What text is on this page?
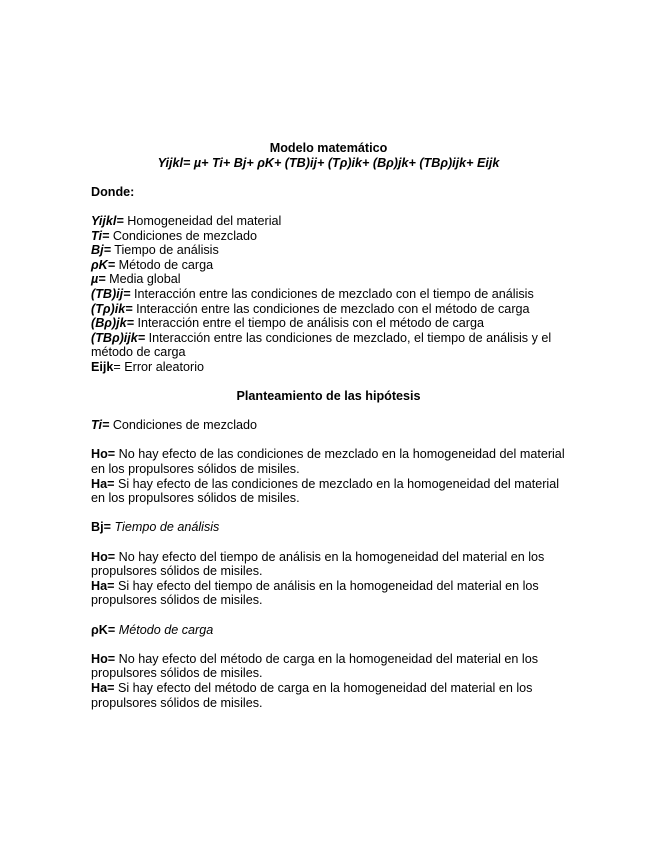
Modelo matemático
Yijkl= µ+ Ti+ Bj+ ρK+ (TB)ij+ (Tρ)ik+ (Bρ)jk+ (TBρ)ijk+ Eijk
Donde:
Yijkl= Homogeneidad del material
Ti= Condiciones de mezclado
Bj= Tiempo de análisis
ρK= Método de carga
µ= Media global
(TB)ij= Interacción entre las condiciones de mezclado con el tiempo de análisis
(Tρ)ik= Interacción entre las condiciones de mezclado con el método de carga
(Bρ)jk= Interacción entre el tiempo de análisis con el método de carga
(TBρ)ijk= Interacción entre las condiciones de mezclado, el tiempo de análisis y el método de carga
Eijk= Error aleatorio
Planteamiento de las hipótesis
Ti= Condiciones de mezclado
Ho= No hay efecto de las condiciones de mezclado en la homogeneidad del material en los propulsores sólidos de misiles.
Ha= Si hay efecto de las condiciones de mezclado en la homogeneidad del material en los propulsores sólidos de misiles.
Bj= Tiempo de análisis
Ho= No hay efecto del tiempo de análisis en la homogeneidad del material en los propulsores sólidos de misiles.
Ha= Si hay efecto del tiempo de análisis en la homogeneidad del material en los propulsores sólidos de misiles.
ρK= Método de carga
Ho= No hay efecto del método de carga en la homogeneidad del material en los propulsores sólidos de misiles.
Ha= Si hay efecto del método de carga en la homogeneidad del material en los propulsores sólidos de misiles.
